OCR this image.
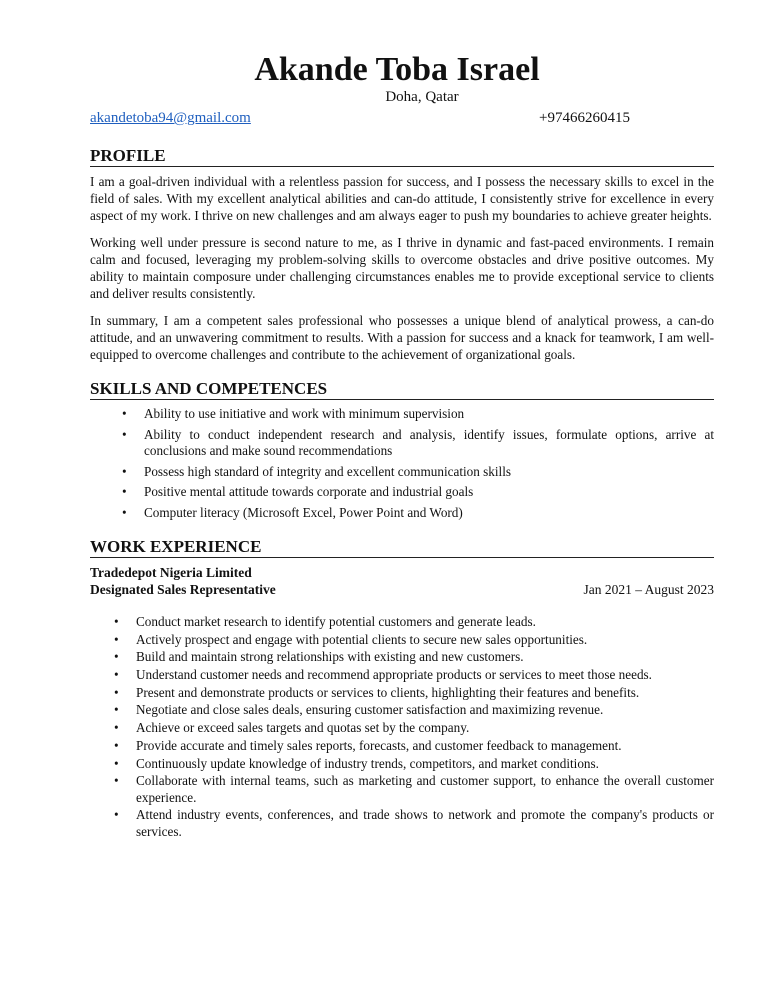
Akande Toba Israel
Doha, Qatar
akandetoba94@gmail.com	+97466260415
PROFILE

I am a goal-driven individual with a relentless passion for success, and I possess the necessary skills to excel in the field of sales. With my excellent analytical abilities and can-do attitude, I consistently strive for excellence in every aspect of my work. I thrive on new challenges and am always eager to push my boundaries to achieve greater heights.

Working well under pressure is second nature to me, as I thrive in dynamic and fast-paced environments. I remain calm and focused, leveraging my problem-solving skills to overcome obstacles and drive positive outcomes. My ability to maintain composure under challenging circumstances enables me to provide exceptional service to clients and deliver results consistently.

In summary, I am a competent sales professional who possesses a unique blend of analytical prowess, a can-do attitude, and an unwavering commitment to results. With a passion for success and a knack for teamwork, I am well-equipped to overcome challenges and contribute to the achievement of organizational goals.

SKILLS AND COMPETENCES
• Ability to use initiative and work with minimum supervision
• Ability to conduct independent research and analysis, identify issues, formulate options, arrive at conclusions and make sound recommendations
• Possess high standard of integrity and excellent communication skills
• Positive mental attitude towards corporate and industrial goals
• Computer literacy (Microsoft Excel, Power Point and Word)
WORK EXPERIENCE
Tradedepot Nigeria Limited
Designated Sales Representative	Jan 2021 – August 2023
• Conduct market research to identify potential customers and generate leads.
• Actively prospect and engage with potential clients to secure new sales opportunities.
• Build and maintain strong relationships with existing and new customers.
• Understand customer needs and recommend appropriate products or services to meet those needs.
• Present and demonstrate products or services to clients, highlighting their features and benefits.
• Negotiate and close sales deals, ensuring customer satisfaction and maximizing revenue.
• Achieve or exceed sales targets and quotas set by the company.
• Provide accurate and timely sales reports, forecasts, and customer feedback to management.
• Continuously update knowledge of industry trends, competitors, and market conditions.
• Collaborate with internal teams, such as marketing and customer support, to enhance the overall customer experience.
• Attend industry events, conferences, and trade shows to network and promote the company's products or services.
